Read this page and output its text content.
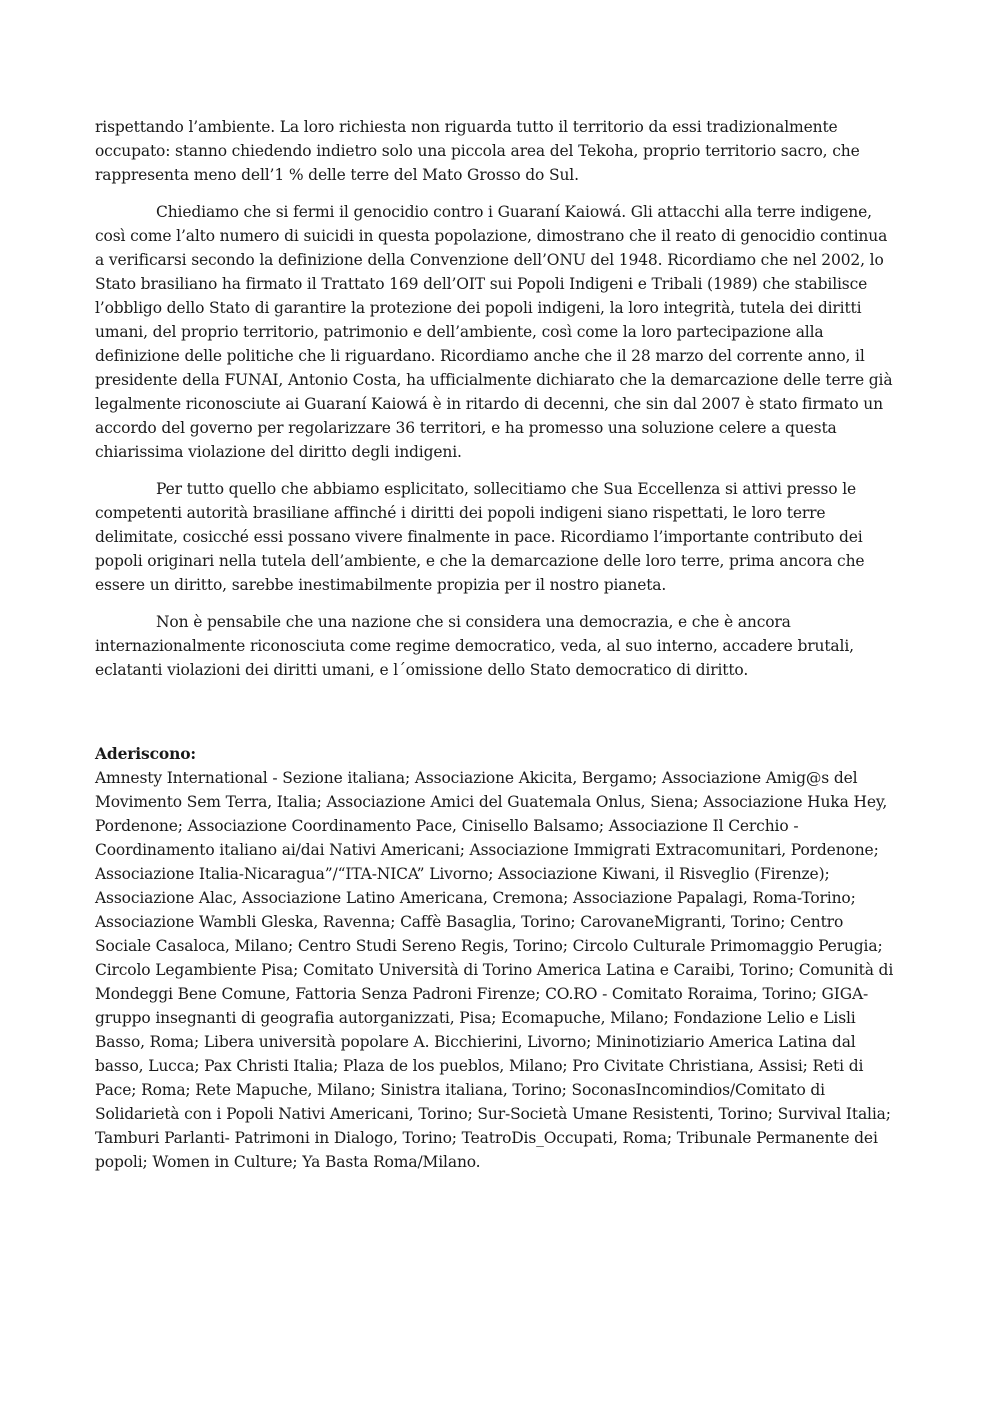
rispettando l’ambiente. La loro richiesta non riguarda tutto il territorio da essi tradizionalmente occupato: stanno chiedendo indietro solo una piccola area del Tekoha, proprio territorio sacro, che rappresenta meno dell’1 % delle terre del Mato Grosso do Sul.

Chiediamo che si fermi il genocidio contro i Guaraní Kaiowá. Gli attacchi alla terre indigene, così come l’alto numero di suicidi in questa popolazione, dimostrano che il reato di genocidio continua a verificarsi secondo la definizione della Convenzione dell’ONU del 1948. Ricordiamo che nel 2002, lo Stato brasiliano ha firmato il Trattato 169 dell’OIT sui Popoli Indigeni e Tribali (1989) che stabilisce l’obbligo dello Stato di garantire la protezione dei popoli indigeni, la loro integrità, tutela dei diritti umani, del proprio territorio, patrimonio e dell’ambiente, così come la loro partecipazione alla definizione delle politiche che li riguardano. Ricordiamo anche che il 28 marzo del corrente anno, il presidente della FUNAI, Antonio Costa, ha ufficialmente dichiarato che la demarcazione delle terre già legalmente riconosciute ai Guaraní Kaiowá è in ritardo di decenni, che sin dal 2007 è stato firmato un accordo del governo per regolarizzare 36 territori, e ha promesso una soluzione celere a questa chiarissima violazione del diritto degli indigeni.

Per tutto quello che abbiamo esplicitato, sollecitiamo che Sua Eccellenza si attivi presso le competenti autorità brasiliane affinché i diritti dei popoli indigeni siano rispettati, le loro terre delimitate, cosicché essi possano vivere finalmente in pace. Ricordiamo l’importante contributo dei popoli originari nella tutela dell’ambiente, e che la demarcazione delle loro terre, prima ancora che essere un diritto, sarebbe inestimabilmente propizia per il nostro pianeta.

Non è pensabile che una nazione che si considera una democrazia, e che è ancora internazionalmente riconosciuta come regime democratico, veda, al suo interno, accadere brutali, eclatanti violazioni dei diritti umani, e l´omissione dello Stato democratico di diritto.

Aderiscono:

Amnesty International - Sezione italiana; Associazione Akicita, Bergamo; Associazione Amig@s del Movimento Sem Terra, Italia; Associazione Amici del Guatemala Onlus, Siena; Associazione Huka Hey, Pordenone; Associazione Coordinamento Pace, Cinisello Balsamo; Associazione Il Cerchio - Coordinamento italiano ai/dai Nativi Americani; Associazione Immigrati Extracomunitari, Pordenone; Associazione Italia-Nicaragua”/“ITA-NICA” Livorno; Associazione Kiwani, il Risveglio (Firenze); Associazione Alac, Associazione Latino Americana, Cremona; Associazione Papalagi, Roma-Torino; Associazione Wambli Gleska, Ravenna; Caffè Basaglia, Torino; CarovaneMigranti, Torino; Centro Sociale Casaloca, Milano; Centro Studi Sereno Regis, Torino; Circolo Culturale Primomaggio Perugia; Circolo Legambiente Pisa; Comitato Università di Torino America Latina e Caraibi, Torino; Comunità di Mondeggi Bene Comune, Fattoria Senza Padroni Firenze; CO.RO - Comitato Roraima, Torino; GIGA- gruppo insegnanti di geografia autorganizzati, Pisa; Ecomapuche, Milano; Fondazione Lelio e Lisli Basso, Roma; Libera università popolare A. Bicchierini, Livorno; Mininotiziario America Latina dal basso, Lucca; Pax Christi Italia; Plaza de los pueblos, Milano; Pro Civitate Christiana, Assisi; Reti di Pace; Roma; Rete Mapuche, Milano; Sinistra italiana, Torino; SoconasIncomindios/Comitato di Solidarietà con i Popoli Nativi Americani, Torino; Sur-Società Umane Resistenti, Torino; Survival Italia; Tamburi Parlanti- Patrimoni in Dialogo, Torino; TeatroDis_Occupati, Roma; Tribunale Permanente dei popoli; Women in Culture; Ya Basta Roma/Milano.
